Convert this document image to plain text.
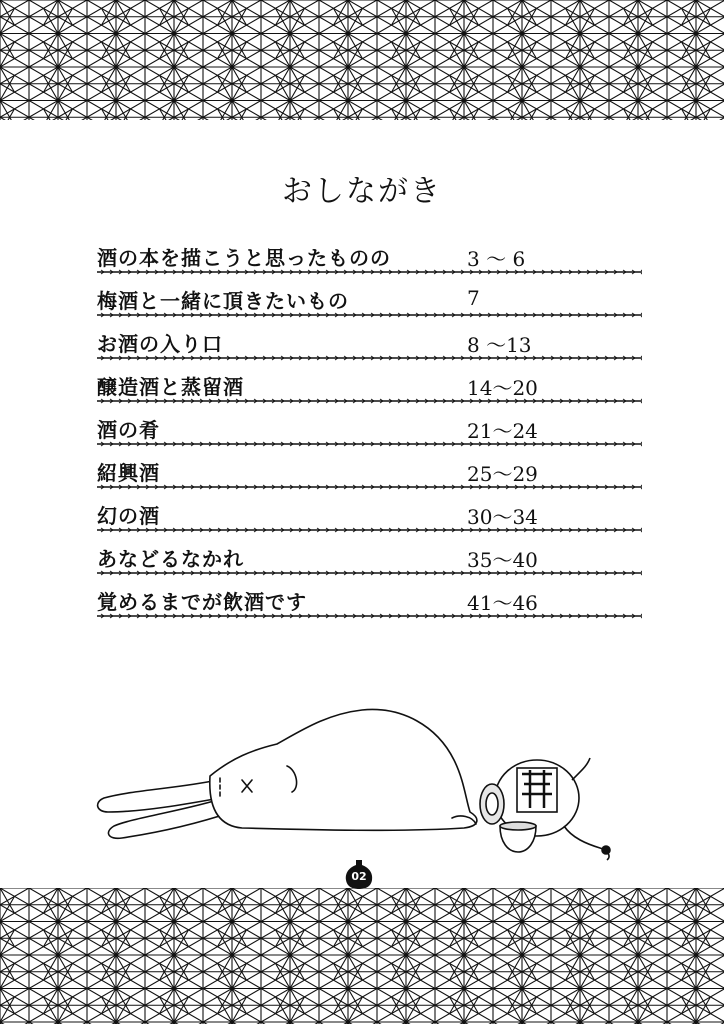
おしながき
酒の本を描こうと思ったものの	3 ～ 6
梅酒と一緒に頂きたいもの	7
お酒の入り口	8 ～13
醸造酒と蒸留酒	14～20
酒の肴	21～24
紹興酒	25～29
幻の酒	30～34
あなどるなかれ	35～40
覚めるまでが飲酒です	41～46
02
